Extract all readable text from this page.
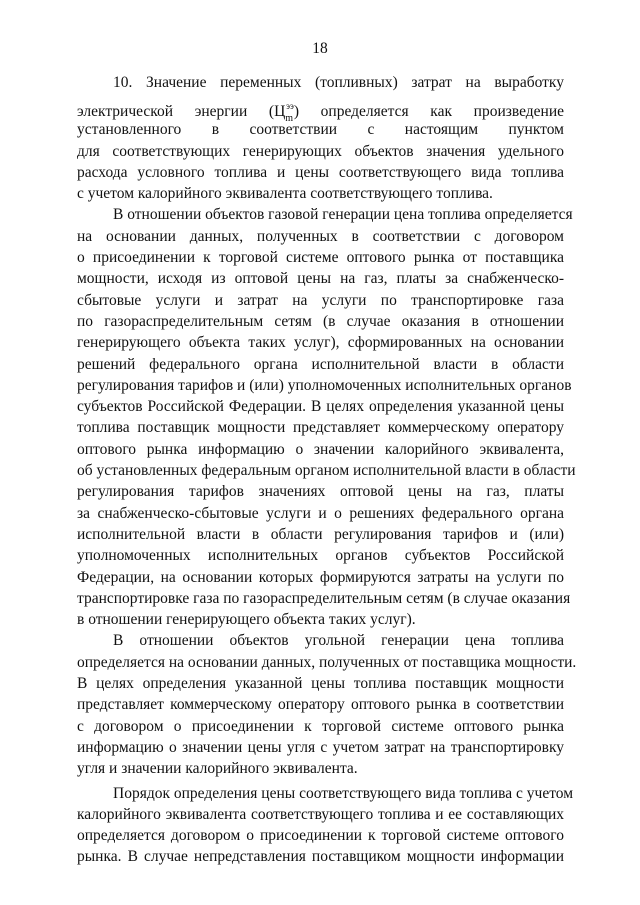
18
10. Значение переменных (топливных) затрат на выработку
электрической энергии $(Ц_m^{ээ})$ определяется как произведение
установленного в соответствии с настоящим пунктом
для соответствующих генерирующих объектов значения удельного
расхода условного топлива и цены соответствующего вида топлива
с учетом калорийного эквивалента соответствующего топлива.
В отношении объектов газовой генерации цена топлива определяется
на основании данных, полученных в соответствии с договором
о присоединении к торговой системе оптового рынка от поставщика
мощности, исходя из оптовой цены на газ, платы за снабженческо-
сбытовые услуги и затрат на услуги по транспортировке газа
по газораспределительным сетям (в случае оказания в отношении
генерирующего объекта таких услуг), сформированных на основании
решений федерального органа исполнительной власти в области
регулирования тарифов и (или) уполномоченных исполнительных органов
субъектов Российской Федерации. В целях определения указанной цены
топлива поставщик мощности представляет коммерческому оператору
оптового рынка информацию о значении калорийного эквивалента,
об установленных федеральным органом исполнительной власти в области
регулирования тарифов значениях оптовой цены на газ, платы
за снабженческо-сбытовые услуги и о решениях федерального органа
исполнительной власти в области регулирования тарифов и (или)
уполномоченных исполнительных органов субъектов Российской
Федерации, на основании которых формируются затраты на услуги по
транспортировке газа по газораспределительным сетям (в случае оказания
в отношении генерирующего объекта таких услуг).
В отношении объектов угольной генерации цена топлива
определяется на основании данных, полученных от поставщика мощности.
В целях определения указанной цены топлива поставщик мощности
представляет коммерческому оператору оптового рынка в соответствии
с договором о присоединении к торговой системе оптового рынка
информацию о значении цены угля с учетом затрат на транспортировку
угля и значении калорийного эквивалента.
Порядок определения цены соответствующего вида топлива с учетом
калорийного эквивалента соответствующего топлива и ее составляющих
определяется договором о присоединении к торговой системе оптового
рынка. В случае непредставления поставщиком мощности информации
